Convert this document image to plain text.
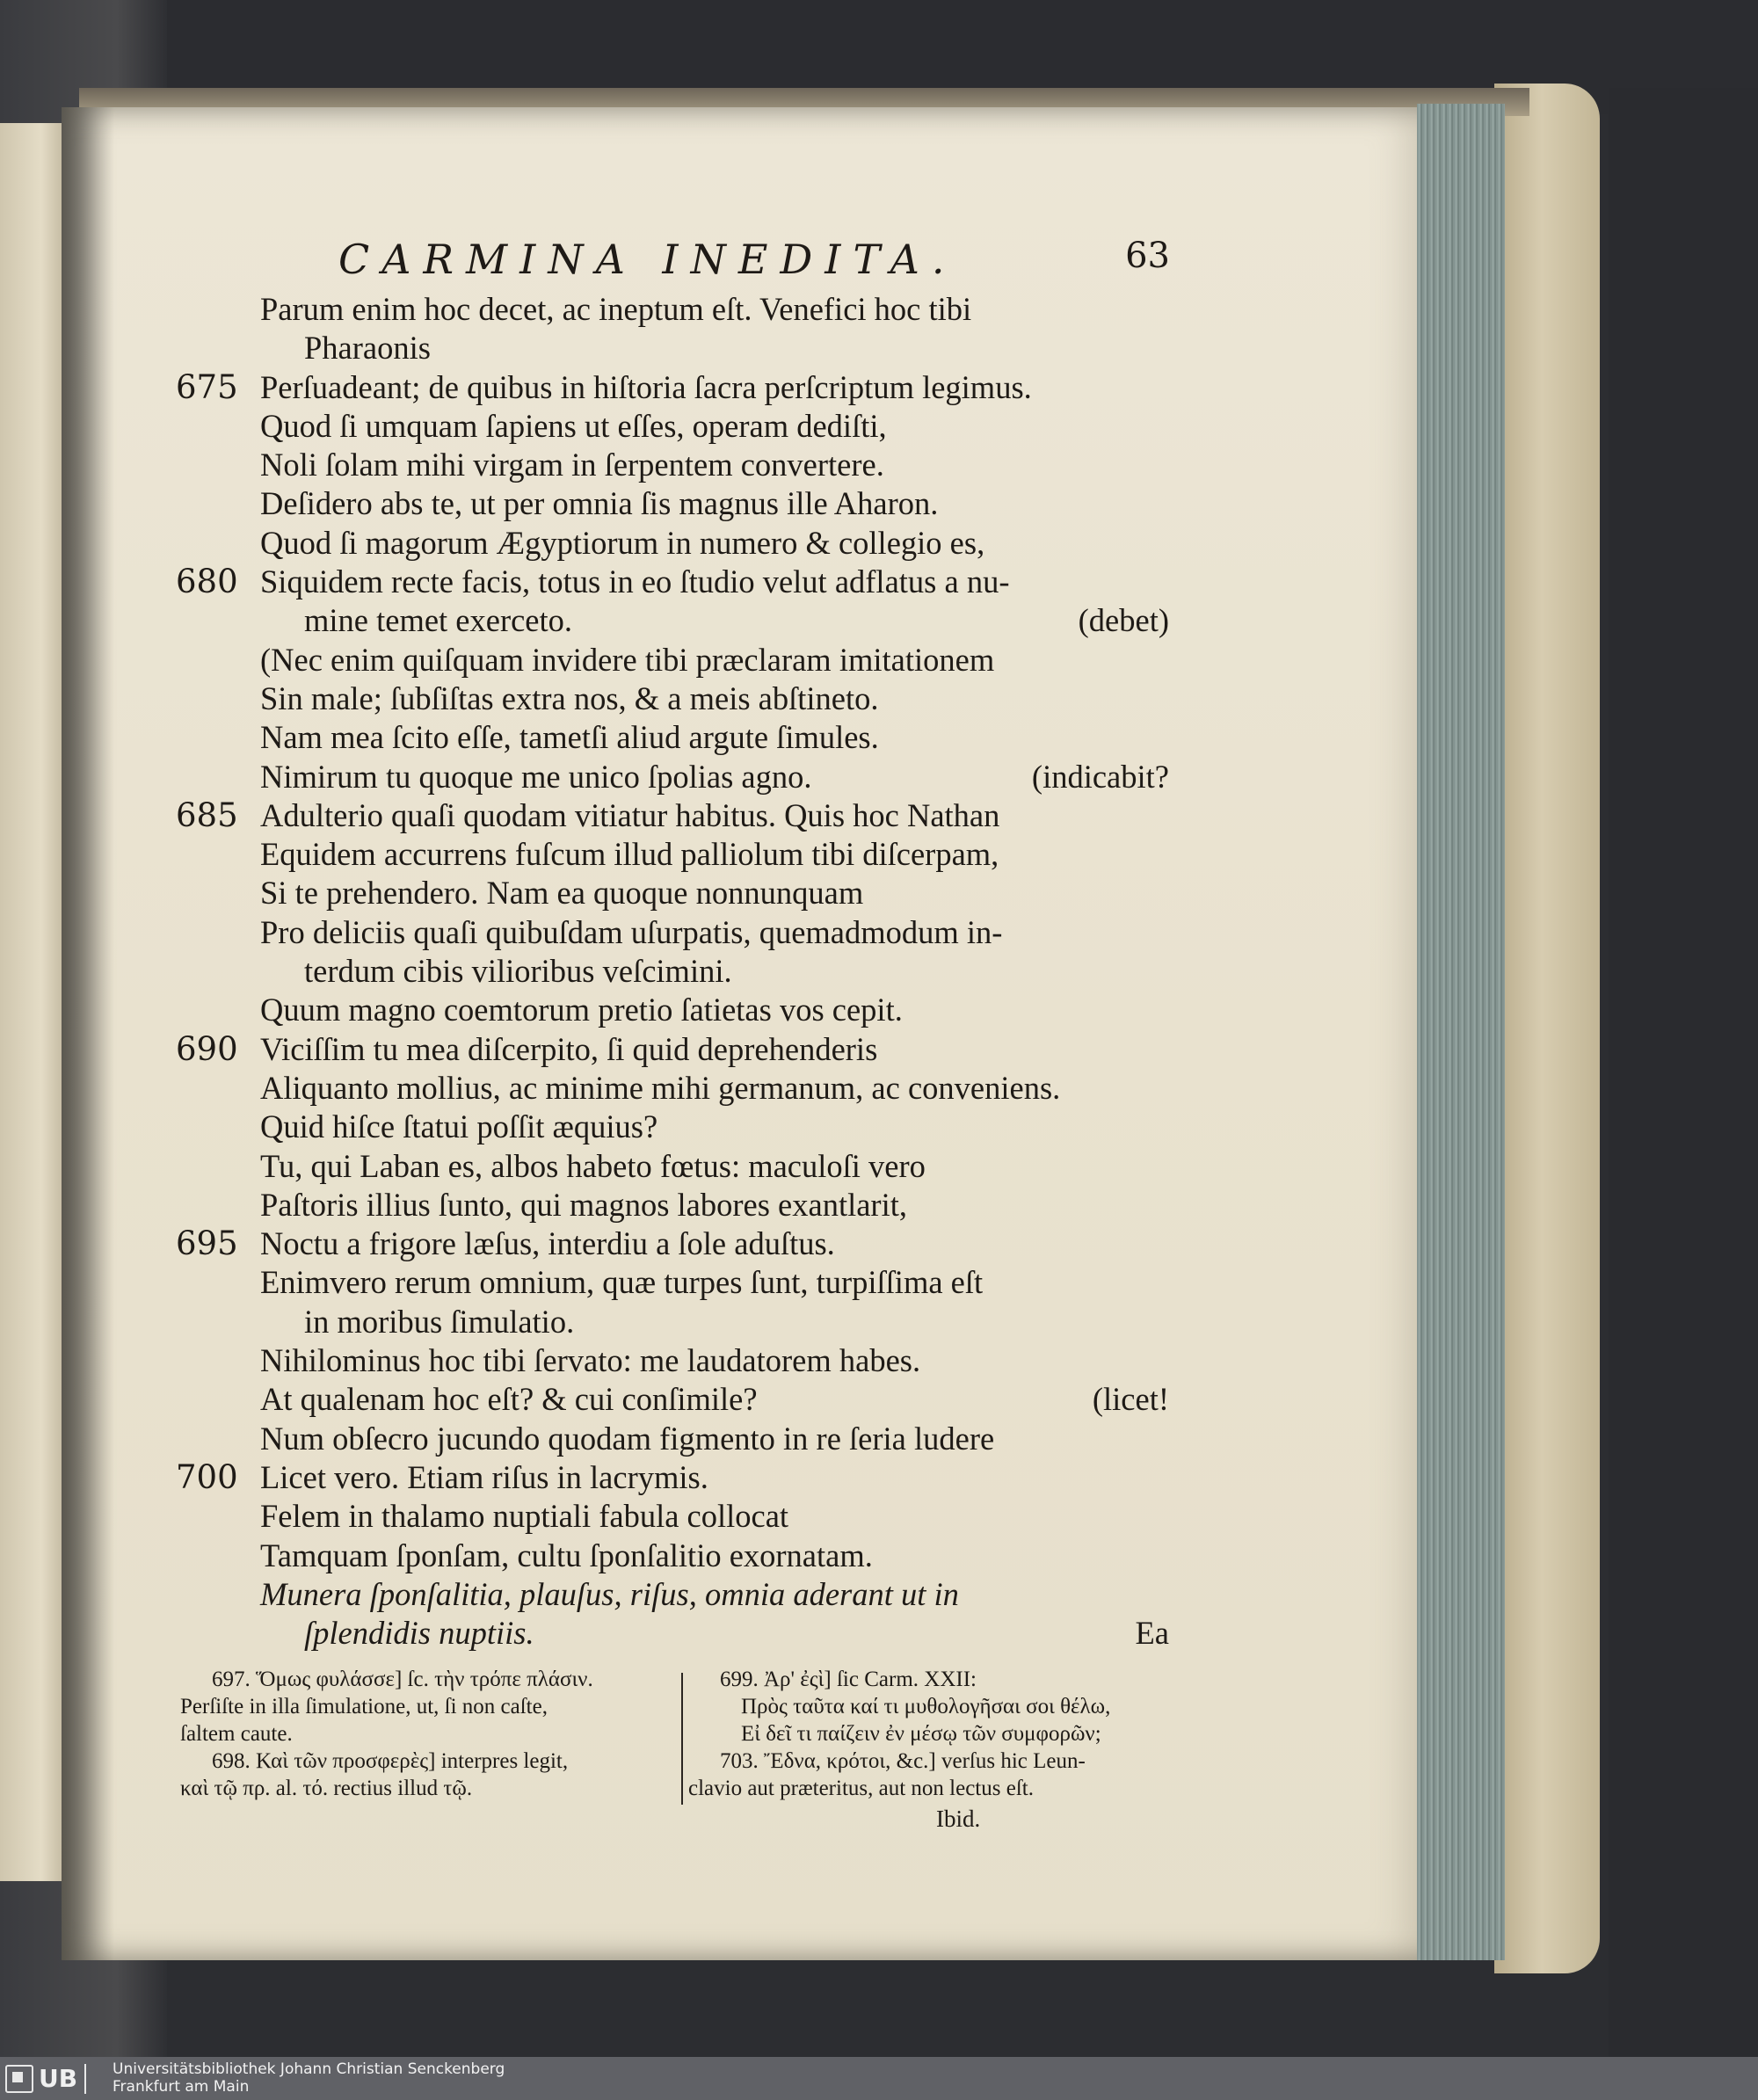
CARMINA INEDITA.	63
Parum enim hoc decet, ac ineptum eſt. Venefici hoc tibi
Pharaonis
675 Perſuadeant; de quibus in hiſtoria ſacra perſcriptum legimus.
Quod ſi umquam ſapiens ut eſſes, operam dediſti,
Noli ſolam mihi virgam in ſerpentem convertere.
Deſidero abs te, ut per omnia ſis magnus ille Aharon.
Quod ſi magorum Ægyptiorum in numero & collegio es,
680 Siquidem recte facis, totus in eo ſtudio velut adflatus a nu-
mine temet exerceto.	(debet)
(Nec enim quiſquam invidere tibi præclaram imitationem
Sin male; ſubſiſtas extra nos, & a meis abſtineto.
Nam mea ſcito eſſe, tametſi aliud argute ſimules.
Nimirum tu quoque me unico ſpolias agno.	(indicabit?
685 Adulterio quaſi quodam vitiatur habitus. Quis hoc Nathan
Equidem accurrens fuſcum illud palliolum tibi diſcerpam,
Si te prehendero. Nam ea quoque nonnunquam
Pro deliciis quaſi quibuſdam uſurpatis, quemadmodum in-
terdum cibis vilioribus veſcimini.
Quum magno coemtorum pretio ſatietas vos cepit.
690 Viciſſim tu mea diſcerpito, ſi quid deprehenderis
Aliquanto mollius, ac minime mihi germanum, ac conveniens.
Quid hiſce ſtatui poſſit æquius?
Tu, qui Laban es, albos habeto fœtus: maculoſi vero
Paſtoris illius ſunto, qui magnos labores exantlarit,
695 Noctu a frigore læſus, interdiu a ſole aduſtus.
Enimvero rerum omnium, quæ turpes ſunt, turpiſſima eſt
in moribus ſimulatio.
Nihilominus hoc tibi ſervato: me laudatorem habes.
At qualenam hoc eſt? & cui conſimile?	(licet!
Num obſecro jucundo quodam figmento in re ſeria ludere
700 Licet vero. Etiam riſus in lacrymis.
Felem in thalamo nuptiali fabula collocat
Tamquam ſponſam, cultu ſponſalitio exornatam.
Munera ſponſalitia, plauſus, riſus, omnia aderant ut in
ſplendidis nuptiis.	Ea
697. Ὅμως φυλάσσε] ſc. τὴν τρόπε πλάσιν.
Perſiſte in illa ſimulatione, ut, ſi non caſte,
ſaltem caute.
698. Καὶ τῶν προσφερὲς] interpres legit,
καὶ τῷ πρ. al. τό. rectius illud τῷ.
699. Ἀρ' ἐςὶ] ſic Carm. XXII:
Πρὸς ταῦτα καί τι μυθολογῆσαι σοι θέλω,
Εἰ δεῖ τι παίζειν ἐν μέσῳ τῶν συμφορῶν;
703. Ἔδνα, κρότοι, &c.] verſus hic Leun-
clavio aut præteritus, aut non lectus eſt.
Ibid.
UB Universitätsbibliothek Johann Christian Senckenberg
Frankfurt am Main
